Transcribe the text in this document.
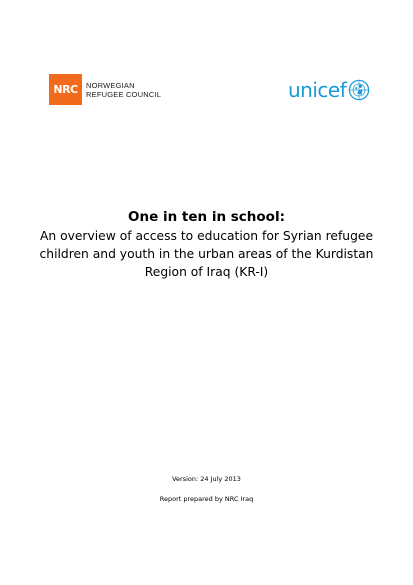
NRC NORWEGIAN
REFUGEE COUNCIL	unicef

One in ten in school:

An overview of access to education for Syrian refugee

children and youth in the urban areas of the Kurdistan

Region of Iraq (KR-I)

Version: 24 July 2013
Report prepared by NRC Iraq
